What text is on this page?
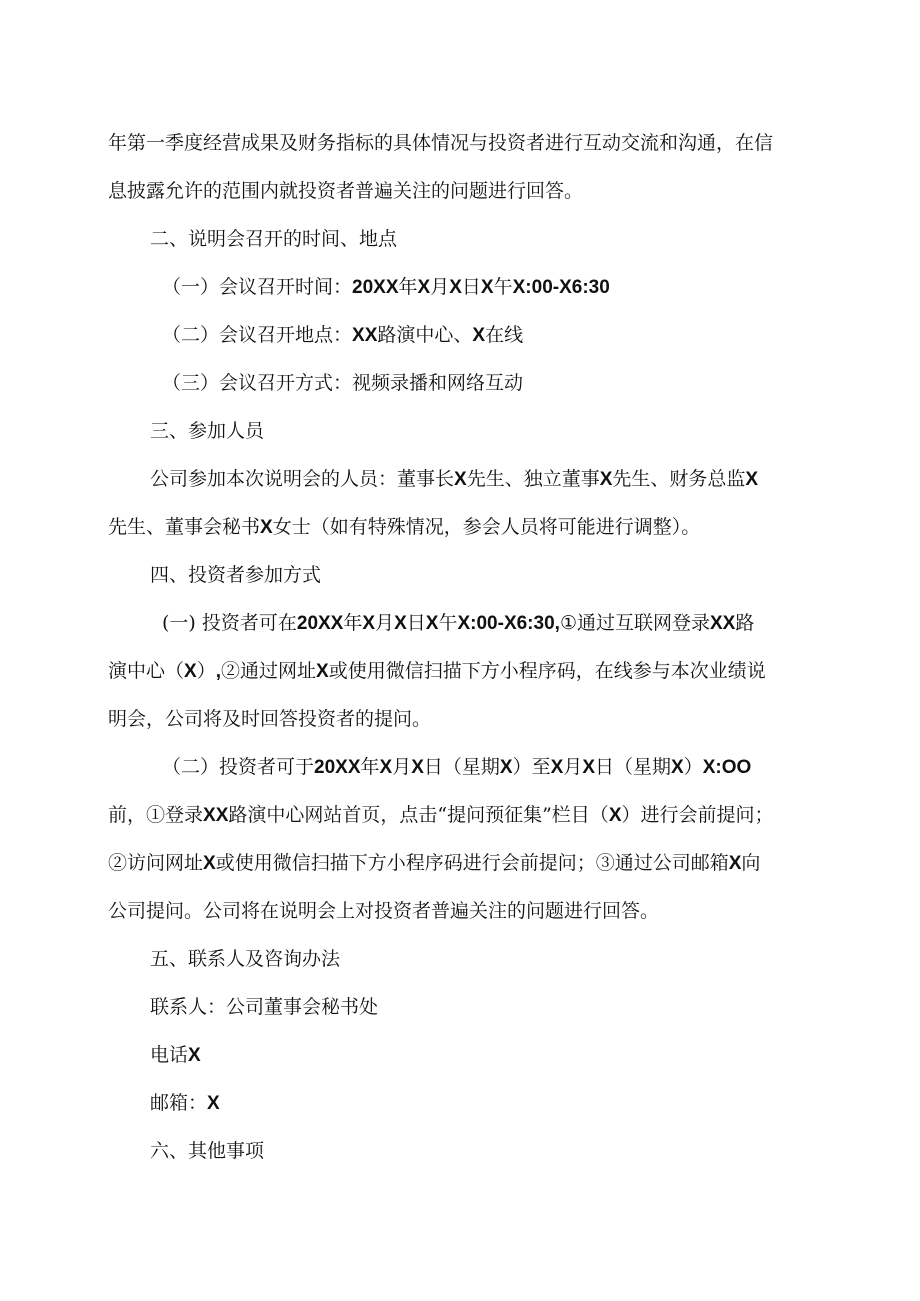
年第一季度经营成果及财务指标的具体情况与投资者进行互动交流和沟通，在信

息披露允许的范围内就投资者普遍关注的问题进行回答。

二、说明会召开的时间、地点

（一）会议召开时间：20XX年X月X日X午X:00-X6:30

（二）会议召开地点：XX路演中心、X在线

（三）会议召开方式：视频录播和网络互动

三、参加人员

公司参加本次说明会的人员：董事长X先生、独立董事X先生、财务总监X

先生、董事会秘书X女士（如有特殊情况，参会人员将可能进行调整）。

四、投资者参加方式

(一) 投资者可在20XX年X月X日X午X:00-X6:30,①通过互联网登录XX路

演中心（X）,②通过网址X或使用微信扫描下方小程序码，在线参与本次业绩说

明会，公司将及时回答投资者的提问。

（二）投资者可于20XX年X月X日（星期X）至X月X日（星期X）X:OO

前，①登录XX路演中心网站首页，点击“提问预征集”栏目（X）进行会前提问；

②访问网址X或使用微信扫描下方小程序码进行会前提问；③通过公司邮箱X向

公司提问。公司将在说明会上对投资者普遍关注的问题进行回答。

五、联系人及咨询办法

联系人：公司董事会秘书处

电话X

邮箱：X

六、其他事项
